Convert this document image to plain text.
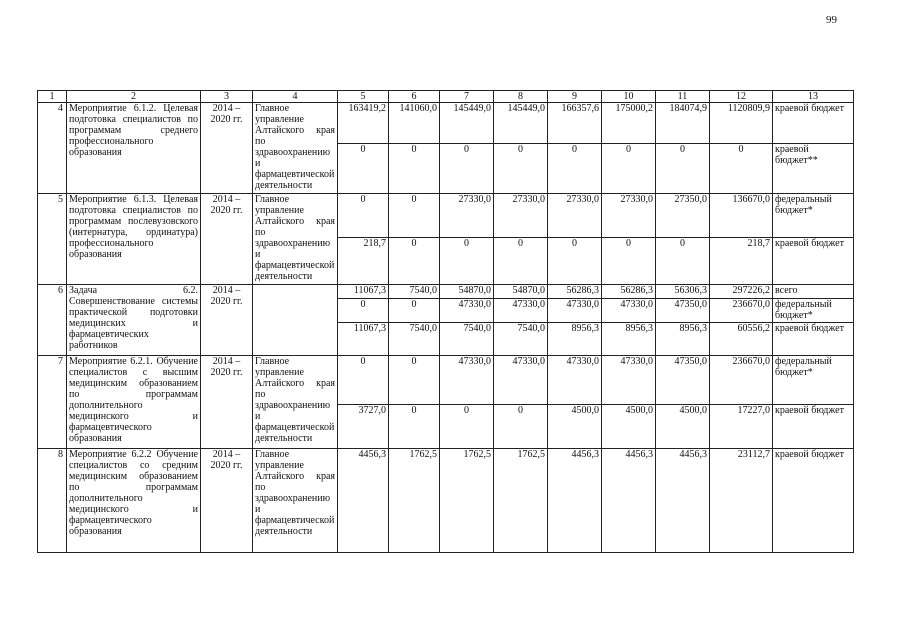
99
1	2	3	4	5	6	7	8	9	10	11	12	13
4	Мероприятие 6.1.2. Целевая подготовка специалистов по программам среднего профессионального образования	2014 – 2020 гг.	Главное управление Алтайского края по здравоохранению и фармацевтической деятельности	163419,2	141060,0	145449,0	145449,0	166357,6	175000,2	184074,9	1120809,9	краевой бюджет
				0	0	0	0	0	0	0	0	краевой бюджет**
5	Мероприятие 6.1.3. Целевая подготовка специалистов по программам послевузовского (интернатура, ординатура) профессионального образования	2014 – 2020 гг.	Главное управление Алтайского края по здравоохранению и фармацевтической деятельности	0	0	27330,0	27330,0	27330,0	27330,0	27350,0	136670,0	федеральный бюджет*
				218,7	0	0	0	0	0	0	218,7	краевой бюджет
6	Задача 6.2. Совершенствование системы практической подготовки медицинских и фармацевтических работников	2014 – 2020 гг.		11067,3	7540,0	54870,0	54870,0	56286,3	56286,3	56306,3	297226,2	всего
				0	0	47330,0	47330,0	47330,0	47330,0	47350,0	236670,0	федеральный бюджет*
				11067,3	7540,0	7540,0	7540,0	8956,3	8956,3	8956,3	60556,2	краевой бюджет
7	Мероприятие 6.2.1. Обучение специалистов с высшим медицинским образованием по программам дополнительного медицинского и фармацевтического образования	2014 – 2020 гг.	Главное управление Алтайского края по здравоохранению и фармацевтической деятельности	0	0	47330,0	47330,0	47330,0	47330,0	47350,0	236670,0	федеральный бюджет*
				3727,0	0	0	0	4500,0	4500,0	4500,0	17227,0	краевой бюджет
8	Мероприятие 6.2.2 Обучение специалистов со средним медицинским образованием по программам дополнительного медицинского и фармацевтического образования	2014 – 2020 гг.	Главное управление Алтайского края по здравоохранению и фармацевтической деятельности	4456,3	1762,5	1762,5	1762,5	4456,3	4456,3	4456,3	23112,7	краевой бюджет
